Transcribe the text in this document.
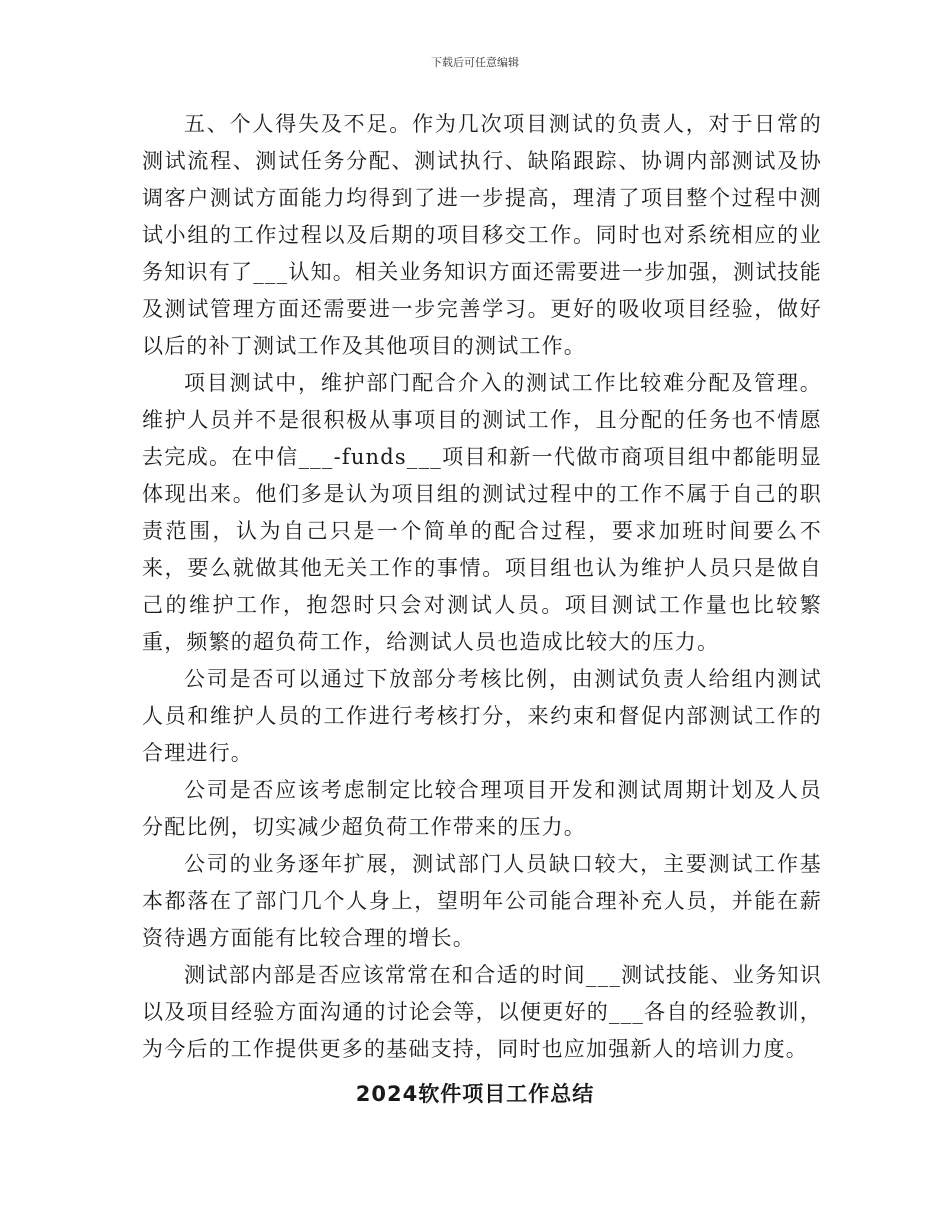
下载后可任意编辑

五、个人得失及不足。作为几次项目测试的负责人，对于日常的测试流程、测试任务分配、测试执行、缺陷跟踪、协调内部测试及协调客户测试方面能力均得到了进一步提高，理清了项目整个过程中测试小组的工作过程以及后期的项目移交工作。同时也对系统相应的业务知识有了___认知。相关业务知识方面还需要进一步加强，测试技能及测试管理方面还需要进一步完善学习。更好的吸收项目经验，做好以后的补丁测试工作及其他项目的测试工作。

项目测试中，维护部门配合介入的测试工作比较难分配及管理。维护人员并不是很积极从事项目的测试工作，且分配的任务也不情愿去完成。在中信___-funds___项目和新一代做市商项目组中都能明显体现出来。他们多是认为项目组的测试过程中的工作不属于自己的职责范围，认为自己只是一个简单的配合过程，要求加班时间要么不来，要么就做其他无关工作的事情。项目组也认为维护人员只是做自己的维护工作，抱怨时只会对测试人员。项目测试工作量也比较繁重，频繁的超负荷工作，给测试人员也造成比较大的压力。

公司是否可以通过下放部分考核比例，由测试负责人给组内测试人员和维护人员的工作进行考核打分，来约束和督促内部测试工作的合理进行。

公司是否应该考虑制定比较合理项目开发和测试周期计划及人员分配比例，切实减少超负荷工作带来的压力。

公司的业务逐年扩展，测试部门人员缺口较大，主要测试工作基本都落在了部门几个人身上，望明年公司能合理补充人员，并能在薪资待遇方面能有比较合理的增长。

测试部内部是否应该常常在和合适的时间___测试技能、业务知识以及项目经验方面沟通的讨论会等，以便更好的___各自的经验教训，为今后的工作提供更多的基础支持，同时也应加强新人的培训力度。

2024软件项目工作总结
